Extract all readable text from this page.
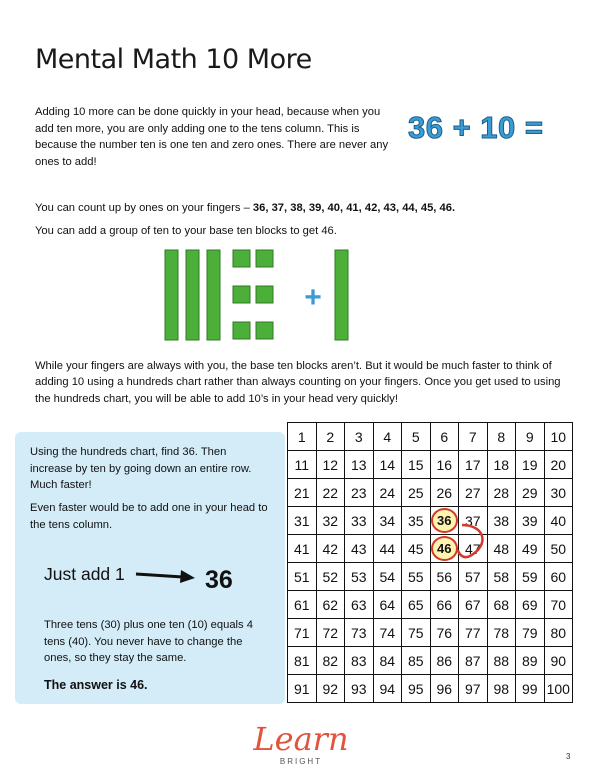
Mental Math 10 More
Adding 10 more can be done quickly in your head, because when you add ten more, you are only adding one to the tens column. This is because the number ten is one ten and zero ones. There are never any ones to add!
36 + 10 =
You can count up by ones on your fingers – 36, 37, 38, 39, 40, 41, 42, 43, 44, 45, 46.
You can add a group of ten to your base ten blocks to get 46.
+
While your fingers are always with you, the base ten blocks aren’t. But it would be much faster to think of adding 10 using a hundreds chart rather than always counting on your fingers. Once you get used to using the hundreds chart, you will be able to add 10’s in your head very quickly!
Using the hundreds chart, find 36. Then increase by ten by going down an entire row. Much faster!
Even faster would be to add one in your head to the tens column.
Just add 1	36
Three tens (30) plus one ten (10) equals 4 tens (40). You never have to change the ones, so they stay the same.
The answer is 46.
1	2	3	4	5	6	7	8	9	10
11	12	13	14	15	16	17	18	19	20
21	22	23	24	25	26	27	28	29	30
31	32	33	34	35	36	37	38	39	40
41	42	43	44	45	46	47	48	49	50
51	52	53	54	55	56	57	58	59	60
61	62	63	64	65	66	67	68	69	70
71	72	73	74	75	76	77	78	79	80
81	82	83	84	85	86	87	88	89	90
91	92	93	94	95	96	97	98	99	100
Learn
BRIGHT
3
